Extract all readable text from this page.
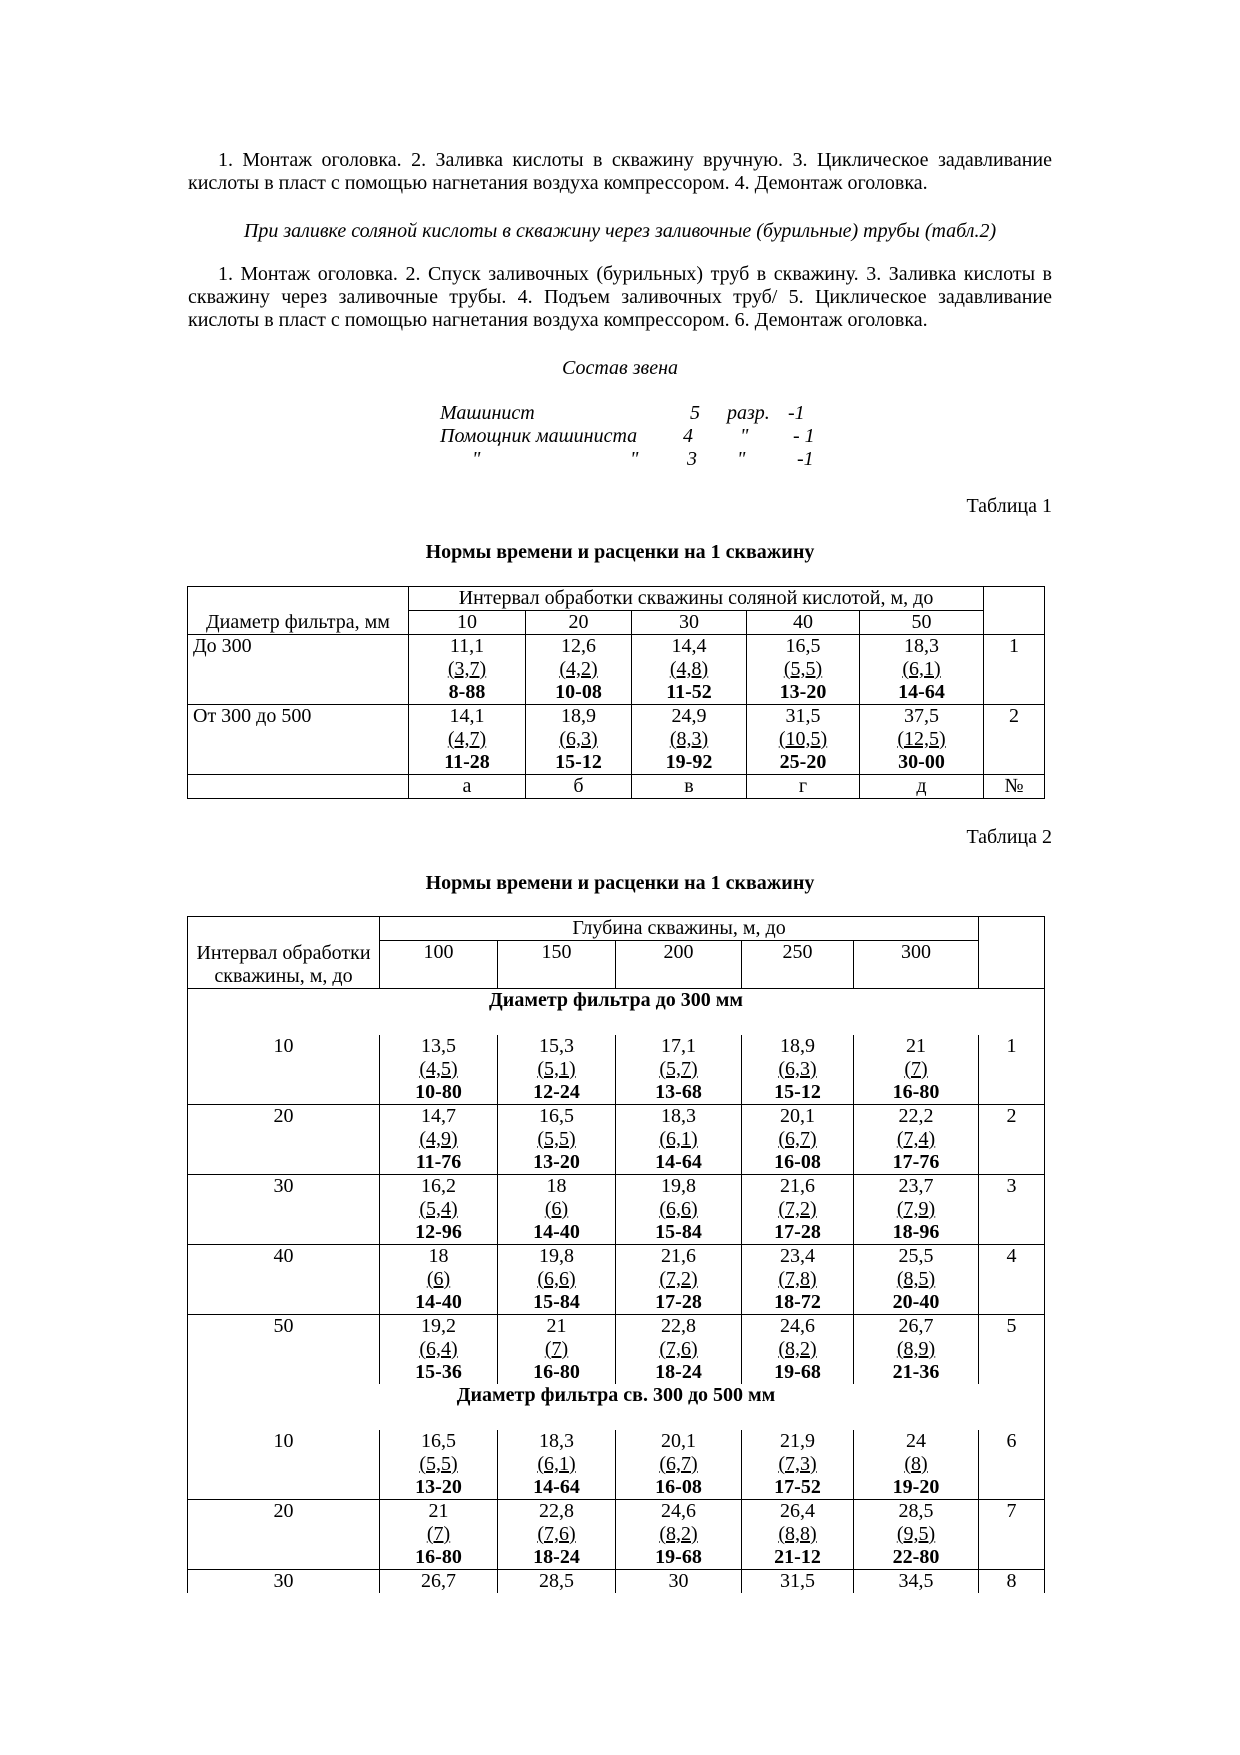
1. Монтаж оголовка. 2. Заливка кислоты в скважину вручную. 3. Циклическое задавливание кислоты в пласт с помощью нагнетания воздуха компрессором. 4. Демонтаж оголовка.

При заливке соляной кислоты в скважину через заливочные (бурильные) трубы (табл.2)

1. Монтаж оголовка. 2. Спуск заливочных (бурильных) труб в скважину. 3. Заливка кислоты в скважину через заливочные трубы. 4. Подъем заливочных труб/ 5. Циклическое задавливание кислоты в пласт с помощью нагнетания воздуха компрессором. 6. Демонтаж оголовка.

Состав звена

Машинист	5 разр. -1
Помощник машиниста 4 " - 1
"	" 3 "	-1

Таблица 1

Нормы времени и расценки на 1 скважину

Диаметр фильтра, мм	Интервал обработки скважины соляной кислотой, м, до					
	10	20	30	40	50	
До 300	11,1
(3,7)
8-88	12,6
(4,2)
10-08	14,4
(4,8)
11-52	16,5
(5,5)
13-20	18,3
(6,1)
14-64	1
От 300 до 500	14,1
(4,7)
11-28	18,9
(6,3)
15-12	24,9
(8,3)
19-92	31,5
(10,5)
25-20	37,5
(12,5)
30-00	2
	а	б	в	г	д	№

Таблица 2

Нормы времени и расценки на 1 скважину

Интервал обработки скважины, м, до	Глубина скважины, м, до					
	100	150	200	250	300	
Диаметр фильтра до 300 мм						
10	13,5
(4,5)
10-80	15,3
(5,1)
12-24	17,1
(5,7)
13-68	18,9
(6,3)
15-12	21
(7)
16-80	1
20	14,7
(4,9)
11-76	16,5
(5,5)
13-20	18,3
(6,1)
14-64	20,1
(6,7)
16-08	22,2
(7,4)
17-76	2
30	16,2
(5,4)
12-96	18
(6)
14-40	19,8
(6,6)
15-84	21,6
(7,2)
17-28	23,7
(7,9)
18-96	3
40	18
(6)
14-40	19,8
(6,6)
15-84	21,6
(7,2)
17-28	23,4
(7,8)
18-72	25,5
(8,5)
20-40	4
50	19,2
(6,4)
15-36	21
(7)
16-80	22,8
(7,6)
18-24	24,6
(8,2)
19-68	26,7
(8,9)
21-36	5
Диаметр фильтра св. 300 до 500 мм						
10	16,5
(5,5)
13-20	18,3
(6,1)
14-64	20,1
(6,7)
16-08	21,9
(7,3)
17-52	24
(8)
19-20	6
20	21
(7)
16-80	22,8
(7,6)
18-24	24,6
(8,2)
19-68	26,4
(8,8)
21-12	28,5
(9,5)
22-80	7
30	26,7	28,5	30	31,5	34,5	8
